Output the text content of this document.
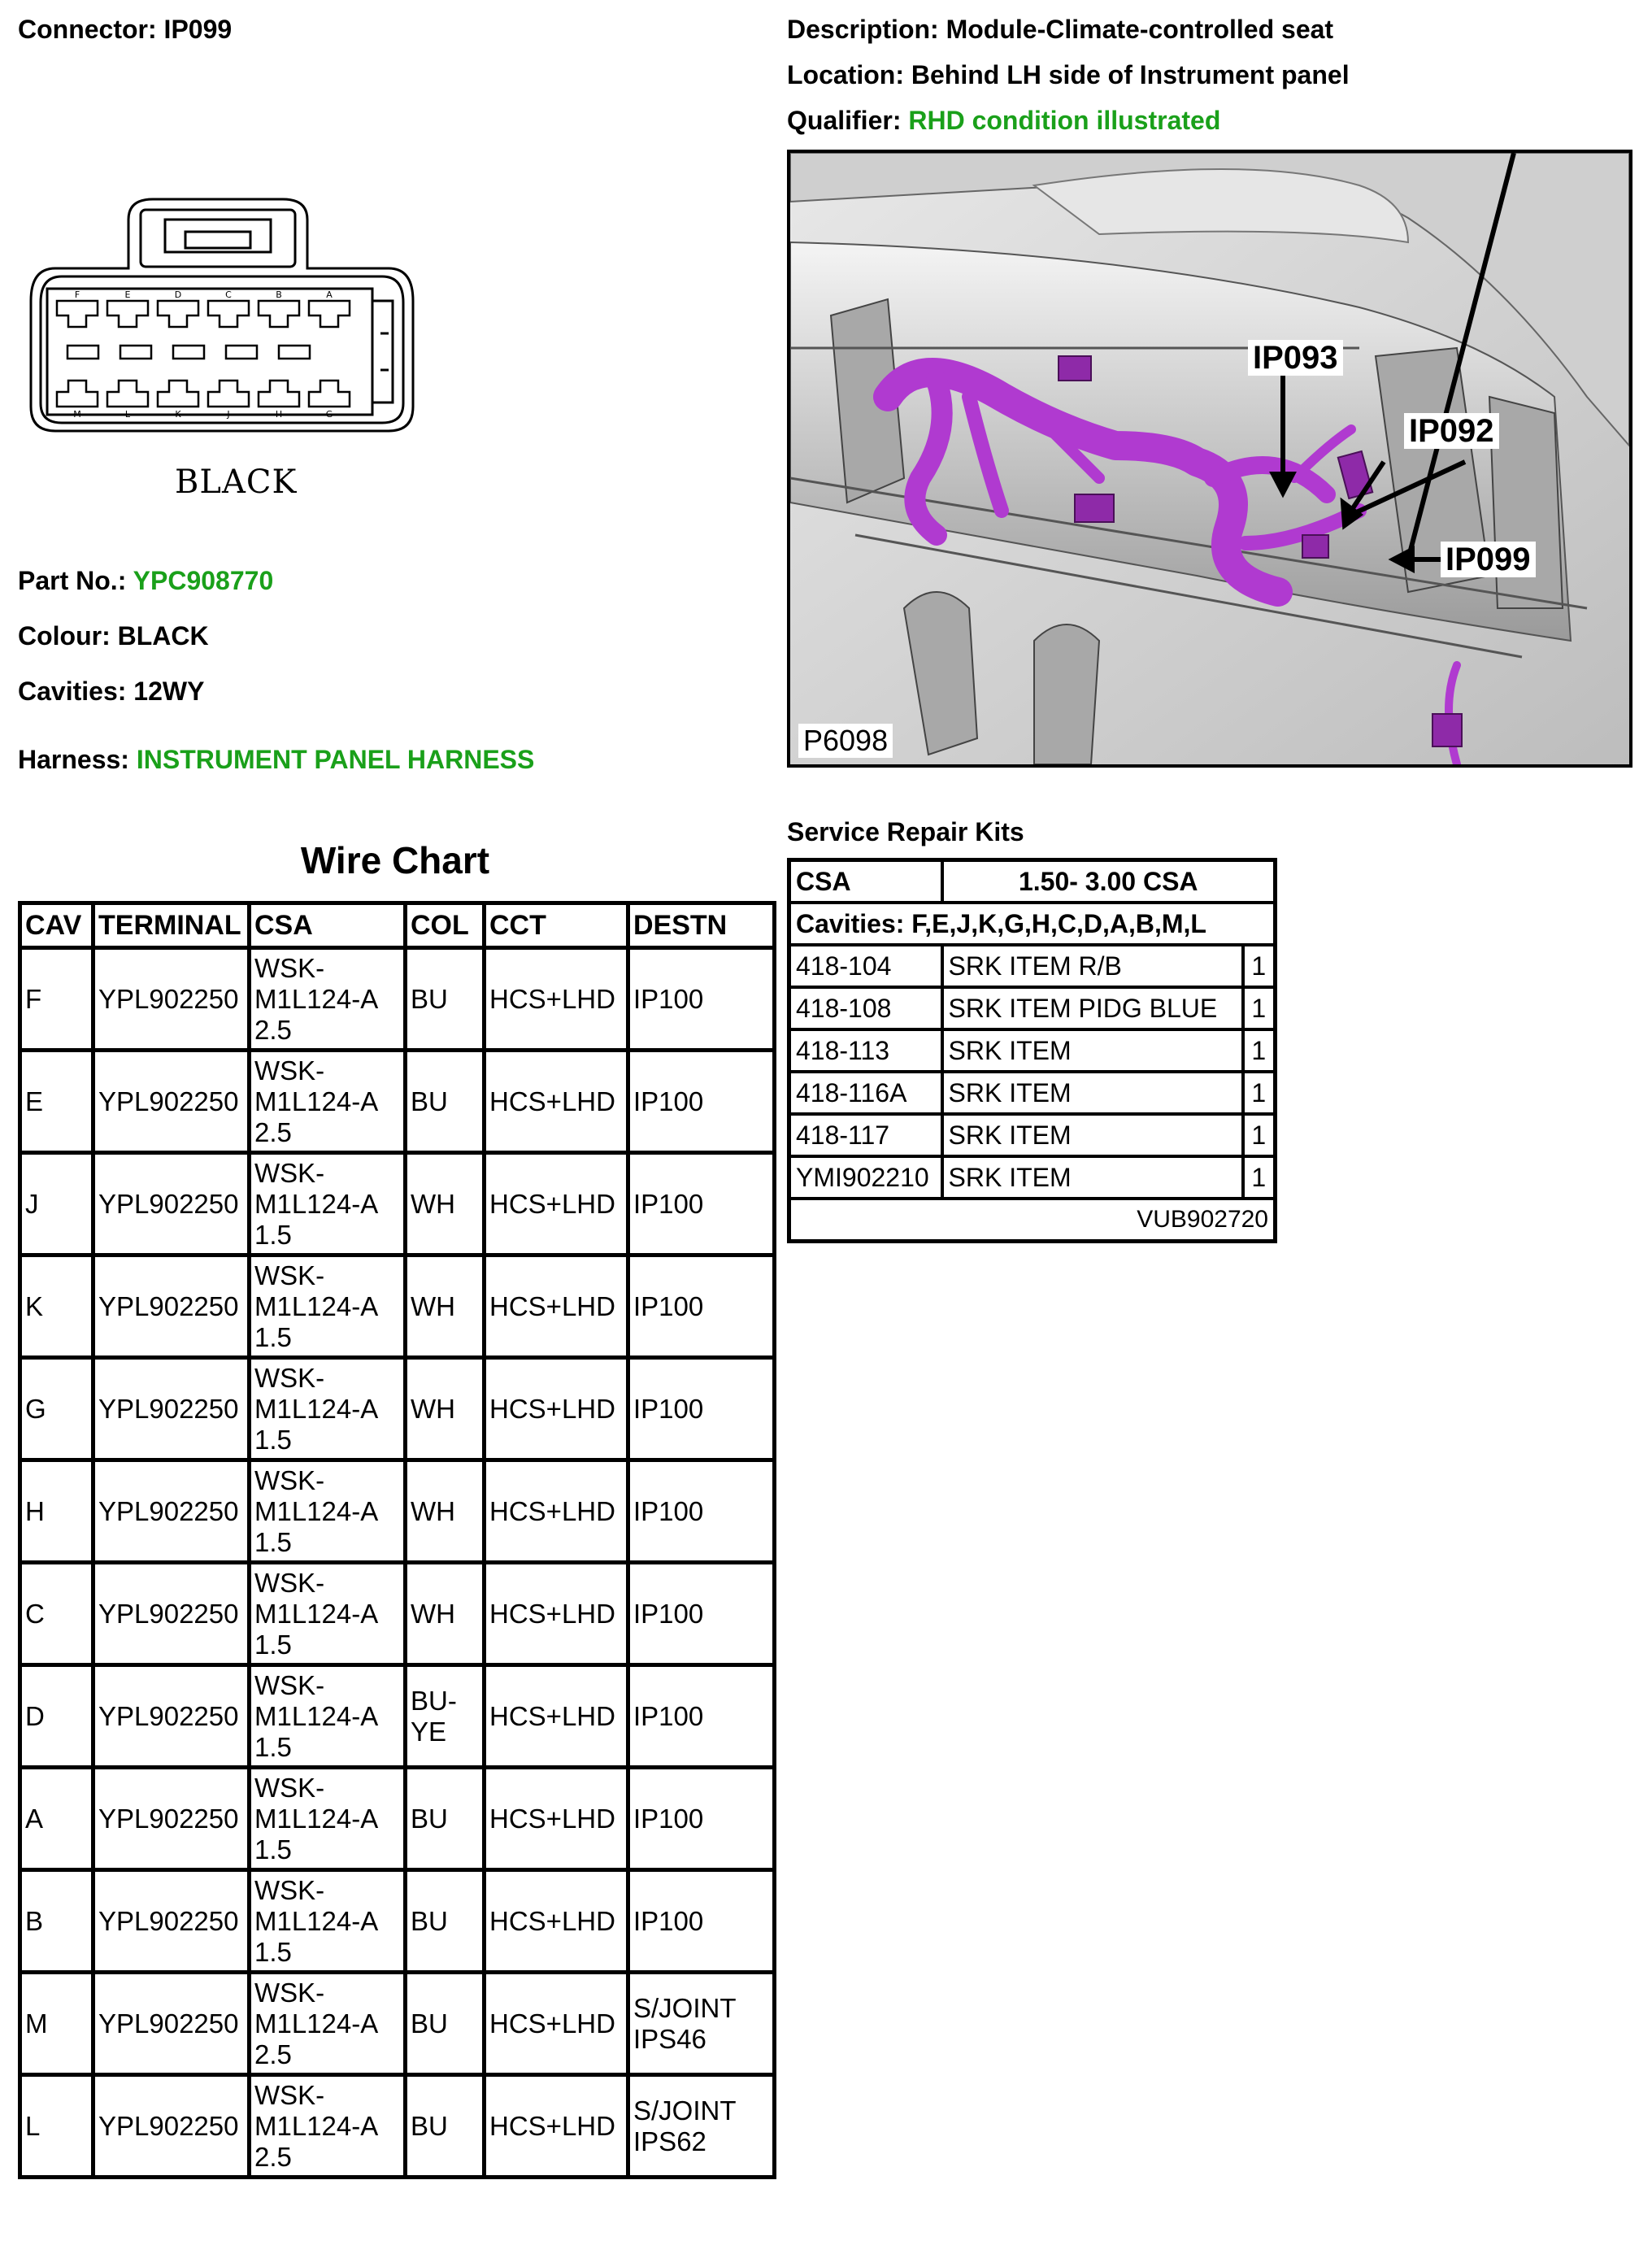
Connector: IP099	Description: Module-Climate-controlled seat
Location: Behind LH side of Instrument panel
Qualifier: RHD condition illustrated
F	E	D	C	B	A
M	L	K	J	H	G
BLACK
Part No.: YPC908770
Colour: BLACK
Cavities: 12WY
Harness: INSTRUMENT PANEL HARNESS
IP093
IP092
IP099
P6098
Service Repair Kits
CSA	1.50- 3.00 CSA	
Cavities: F,E,J,K,G,H,C,D,A,B,M,L		
418-104	SRK ITEM R/B	1
418-108	SRK ITEM PIDG BLUE	1
418-113	SRK ITEM	1
418-116A	SRK ITEM	1
418-117	SRK ITEM	1
YMI902210	SRK ITEM	1
VUB902720		
Wire Chart
CAV	TERMINAL	CSA	COL	CCT	DESTN
F	YPL902250	WSK-M1L124-A 2.5	BU	HCS+LHD	IP100
E	YPL902250	WSK-M1L124-A 2.5	BU	HCS+LHD	IP100
J	YPL902250	WSK-M1L124-A 1.5	WH	HCS+LHD	IP100
K	YPL902250	WSK-M1L124-A 1.5	WH	HCS+LHD	IP100
G	YPL902250	WSK-M1L124-A 1.5	WH	HCS+LHD	IP100
H	YPL902250	WSK-M1L124-A 1.5	WH	HCS+LHD	IP100
C	YPL902250	WSK-M1L124-A 1.5	WH	HCS+LHD	IP100
D	YPL902250	WSK-M1L124-A 1.5	BU-YE	HCS+LHD	IP100
A	YPL902250	WSK-M1L124-A 1.5	BU	HCS+LHD	IP100
B	YPL902250	WSK-M1L124-A 1.5	BU	HCS+LHD	IP100
M	YPL902250	WSK-M1L124-A 2.5	BU	HCS+LHD	S/JOINT IPS46
L	YPL902250	WSK-M1L124-A 2.5	BU	HCS+LHD	S/JOINT IPS62
